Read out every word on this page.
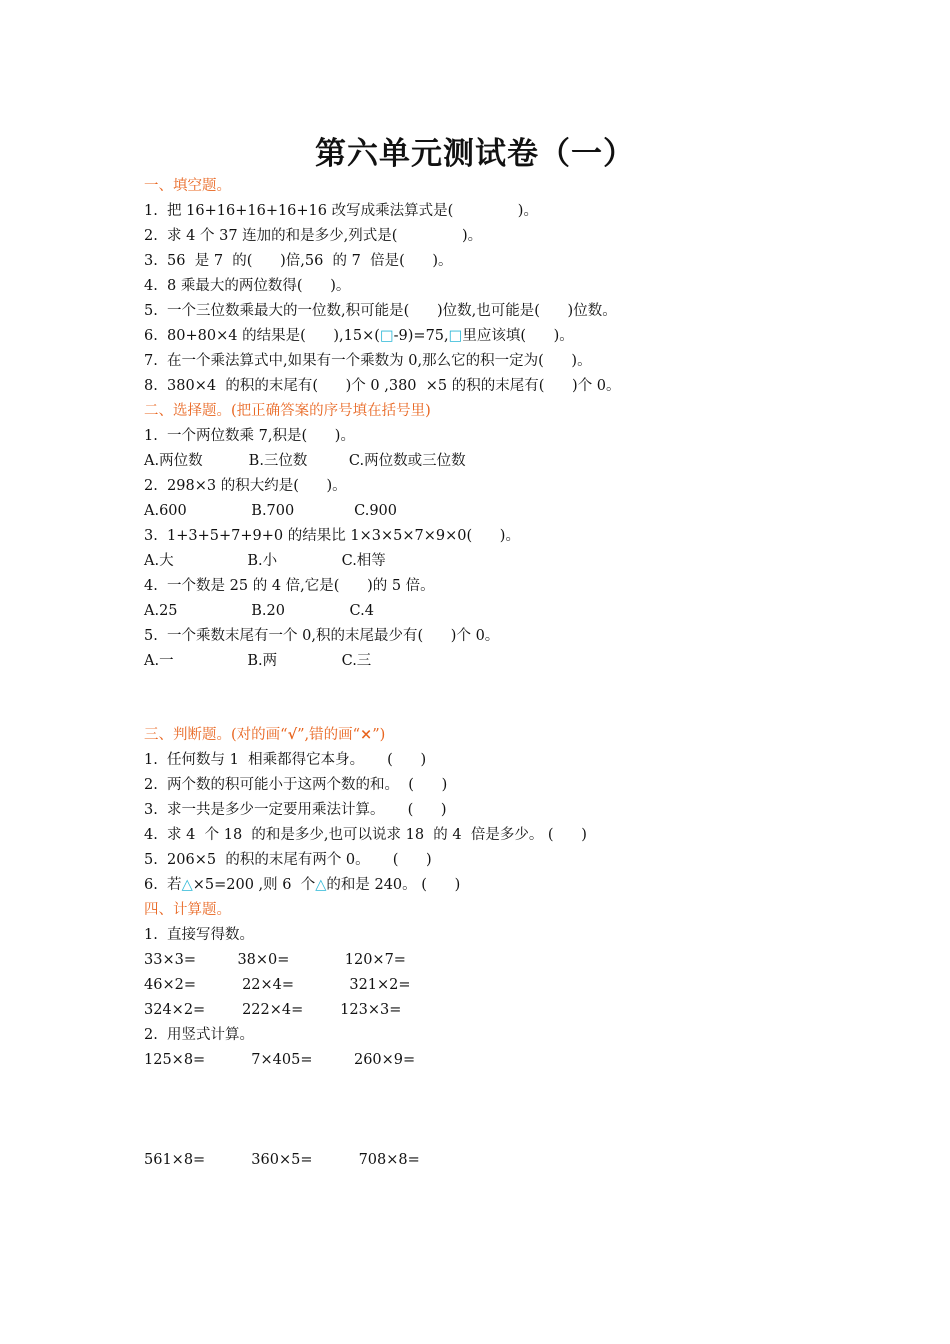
第六单元测试卷（一）
一、填空题。
1.  把 16+16+16+16+16 改写成乘法算式是(              )。
2.  求 4 个 37 连加的和是多少,列式是(              )。
3.  56  是 7  的(      )倍,56  的 7  倍是(      )。
4.  8 乘最大的两位数得(      )。
5.  一个三位数乘最大的一位数,积可能是(      )位数,也可能是(      )位数。
6.  80+80×4 的结果是(      ),15×(□-9)=75,□里应该填(      )。
7.  在一个乘法算式中,如果有一个乘数为 0,那么它的积一定为(      )。
8.  380×4  的积的末尾有(      )个 0 ,380  ×5 的积的末尾有(      )个 0。
二、选择题。(把正确答案的序号填在括号里)
1.  一个两位数乘 7,积是(      )。
A.两位数          B.三位数         C.两位数或三位数
2.  298×3 的积大约是(      )。
A.600              B.700             C.900
3.  1+3+5+7+9+0 的结果比 1×3×5×7×9×0(      )。
A.大                B.小              C.相等
4.  一个数是 25 的 4 倍,它是(      )的 5 倍。
A.25                B.20              C.4
5.  一个乘数末尾有一个 0,积的末尾最少有(      )个 0。
A.一                B.两              C.三
三、判断题。(对的画“√”,错的画“×”)
1.  任何数与 1  相乘都得它本身。     (      )
2.  两个数的积可能小于这两个数的和。  (      )
3.  求一共是多少一定要用乘法计算。     (      )
4.  求 4  个 18  的和是多少,也可以说求 18  的 4  倍是多少。 (      )
5.  206×5  的积的末尾有两个 0。     (      )
6.  若△×5=200 ,则 6  个△的和是 240。 (      )
四、计算题。
1.  直接写得数。
33×3=         38×0=            120×7=
46×2=          22×4=            321×2=
324×2=        222×4=        123×3=
2.  用竖式计算。
125×8=          7×405=         260×9=
561×8=          360×5=          708×8=
